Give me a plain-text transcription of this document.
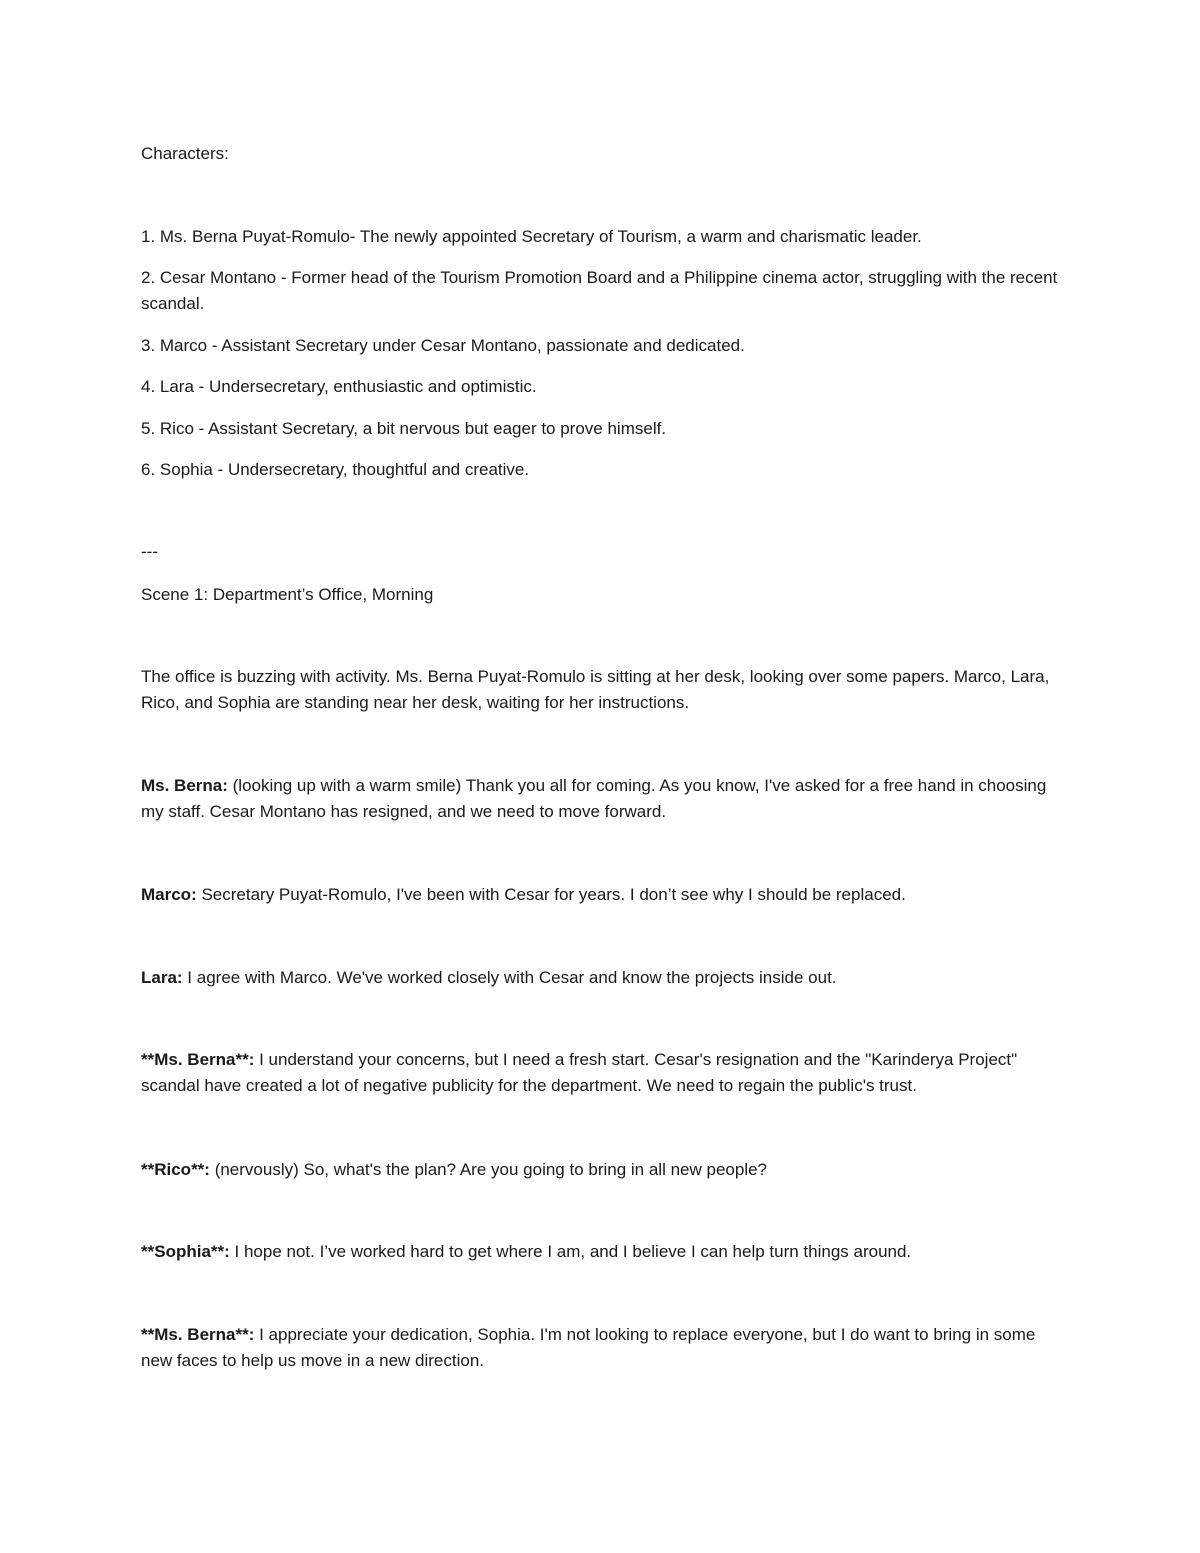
Characters:

1. Ms. Berna Puyat-Romulo- The newly appointed Secretary of Tourism, a warm and charismatic leader.

2. Cesar Montano - Former head of the Tourism Promotion Board and a Philippine cinema actor, struggling with the recent scandal.

3. Marco - Assistant Secretary under Cesar Montano, passionate and dedicated.

4. Lara - Undersecretary, enthusiastic and optimistic.

5. Rico - Assistant Secretary, a bit nervous but eager to prove himself.

6. Sophia - Undersecretary, thoughtful and creative.

---

Scene 1: Department’s Office, Morning

The office is buzzing with activity. Ms. Berna Puyat-Romulo is sitting at her desk, looking over some papers. Marco, Lara, Rico, and Sophia are standing near her desk, waiting for her instructions.

Ms. Berna: (looking up with a warm smile) Thank you all for coming. As you know, I've asked for a free hand in choosing my staff. Cesar Montano has resigned, and we need to move forward.

Marco: Secretary Puyat-Romulo, I've been with Cesar for years. I don’t see why I should be replaced.

Lara: I agree with Marco. We've worked closely with Cesar and know the projects inside out.

**Ms. Berna**: I understand your concerns, but I need a fresh start. Cesar's resignation and the "Karinderya Project" scandal have created a lot of negative publicity for the department. We need to regain the public's trust.

**Rico**: (nervously) So, what's the plan? Are you going to bring in all new people?

**Sophia**: I hope not. I’ve worked hard to get where I am, and I believe I can help turn things around.

**Ms. Berna**: I appreciate your dedication, Sophia. I'm not looking to replace everyone, but I do want to bring in some new faces to help us move in a new direction.
